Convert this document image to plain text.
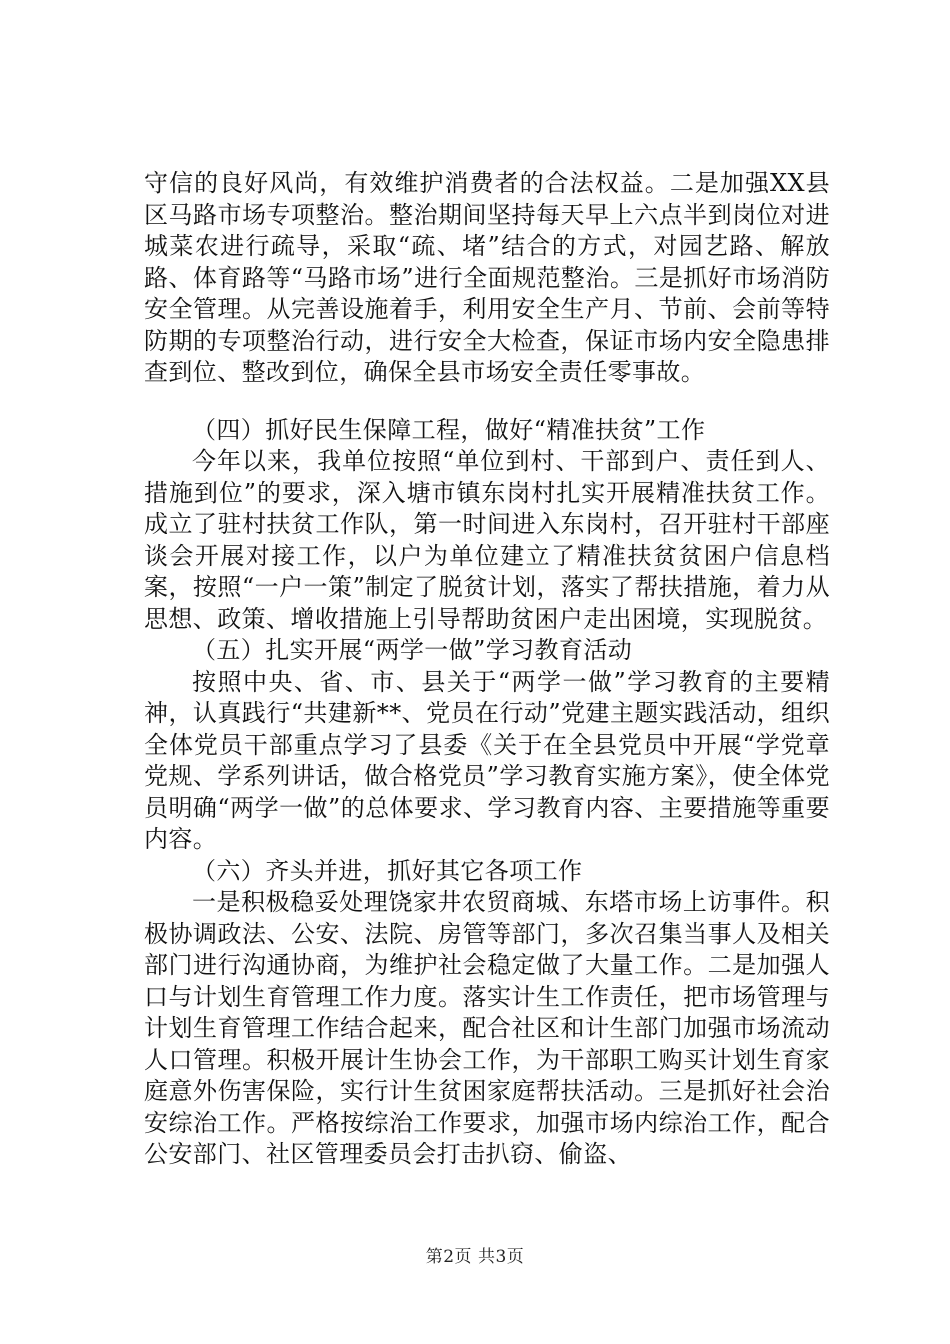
守信的良好风尚，有效维护消费者的合法权益。二是加强XX县区马路市场专项整治。整治期间坚持每天早上六点半到岗位对进城菜农进行疏导，采取“疏、堵”结合的方式，对园艺路、解放路、体育路等“马路市场”进行全面规范整治。三是抓好市场消防安全管理。从完善设施着手，利用安全生产月、节前、会前等特防期的专项整治行动，进行安全大检查，保证市场内安全隐患排查到位、整改到位，确保全县市场安全责任零事故。

（四）抓好民生保障工程，做好“精准扶贫”工作

今年以来，我单位按照“单位到村、干部到户、责任到人、措施到位”的要求，深入塘市镇东岗村扎实开展精准扶贫工作。成立了驻村扶贫工作队，第一时间进入东岗村，召开驻村干部座谈会开展对接工作，以户为单位建立了精准扶贫贫困户信息档案，按照“一户一策”制定了脱贫计划，落实了帮扶措施，着力从思想、政策、增收措施上引导帮助贫困户走出困境，实现脱贫。

（五）扎实开展“两学一做”学习教育活动

按照中央、省、市、县关于“两学一做”学习教育的主要精神，认真践行“共建新**、党员在行动”党建主题实践活动，组织全体党员干部重点学习了县委《关于在全县党员中开展“学党章党规、学系列讲话，做合格党员”学习教育实施方案》，使全体党员明确“两学一做”的总体要求、学习教育内容、主要措施等重要内容。

（六）齐头并进，抓好其它各项工作

一是积极稳妥处理饶家井农贸商城、东塔市场上访事件。积极协调政法、公安、法院、房管等部门，多次召集当事人及相关部门进行沟通协商，为维护社会稳定做了大量工作。二是加强人口与计划生育管理工作力度。落实计生工作责任，把市场管理与计划生育管理工作结合起来，配合社区和计生部门加强市场流动人口管理。积极开展计生协会工作，为干部职工购买计划生育家庭意外伤害保险，实行计生贫困家庭帮扶活动。三是抓好社会治安综治工作。严格按综治工作要求，加强市场内综治工作，配合公安部门、社区管理委员会打击扒窃、偷盗、

第2页 共3页
